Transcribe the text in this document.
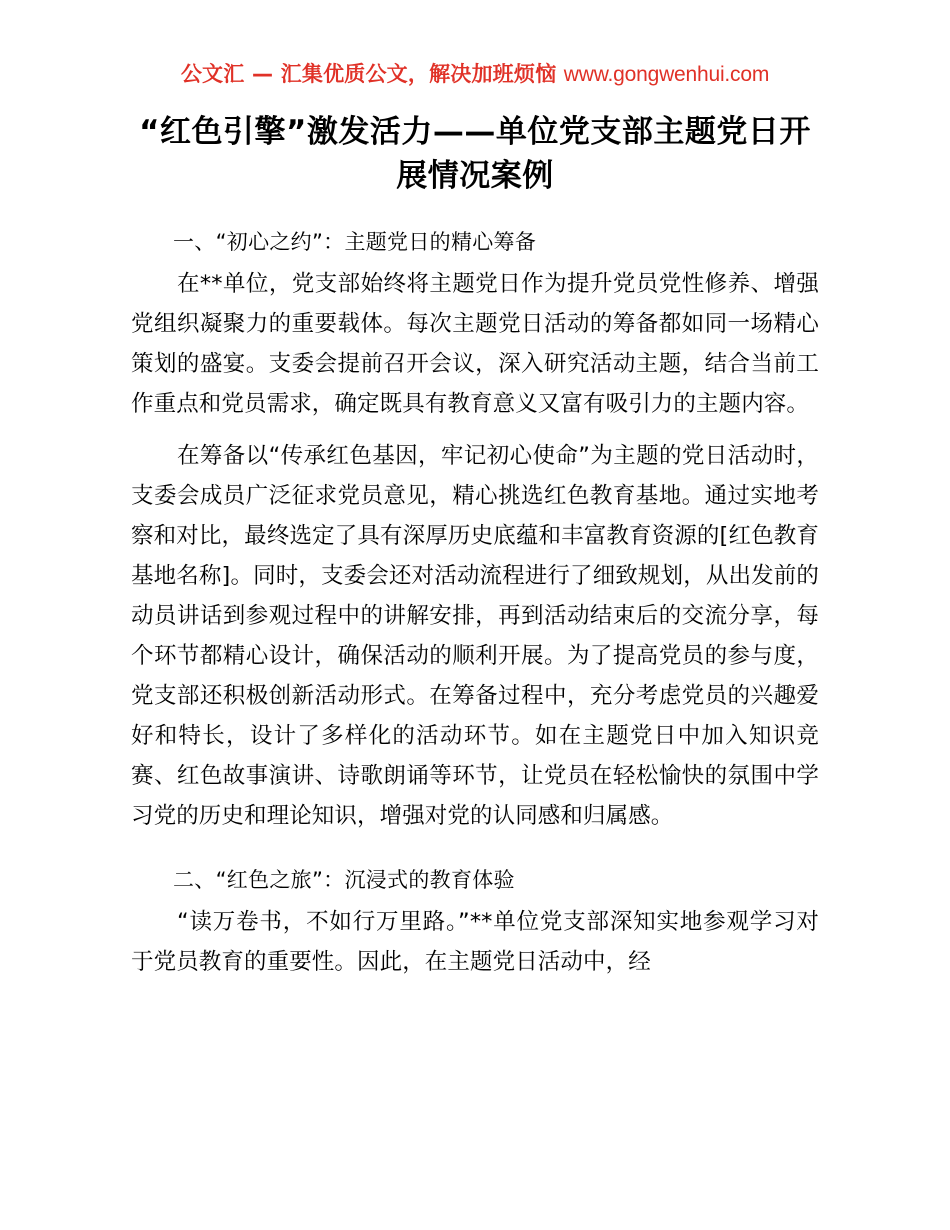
公文汇 — 汇集优质公文，解决加班烦恼 www.gongwenhui.com
“红色引擎”激发活力——单位党支部主题党日开展情况案例
一、“初心之约”：主题党日的精心筹备

在**单位，党支部始终将主题党日作为提升党员党性修养、增强党组织凝聚力的重要载体。每次主题党日活动的筹备都如同一场精心策划的盛宴。支委会提前召开会议，深入研究活动主题，结合当前工作重点和党员需求，确定既具有教育意义又富有吸引力的主题内容。

在筹备以“传承红色基因，牢记初心使命”为主题的党日活动时，支委会成员广泛征求党员意见，精心挑选红色教育基地。通过实地考察和对比，最终选定了具有深厚历史底蕴和丰富教育资源的[红色教育基地名称]。同时，支委会还对活动流程进行了细致规划，从出发前的动员讲话到参观过程中的讲解安排，再到活动结束后的交流分享，每个环节都精心设计，确保活动的顺利开展。为了提高党员的参与度，党支部还积极创新活动形式。在筹备过程中，充分考虑党员的兴趣爱好和特长，设计了多样化的活动环节。如在主题党日中加入知识竞赛、红色故事演讲、诗歌朗诵等环节，让党员在轻松愉快的氛围中学习党的历史和理论知识，增强对党的认同感和归属感。

二、“红色之旅”：沉浸式的教育体验

“读万卷书，不如行万里路。”**单位党支部深知实地参观学习对于党员教育的重要性。因此，在主题党日活动中，经
